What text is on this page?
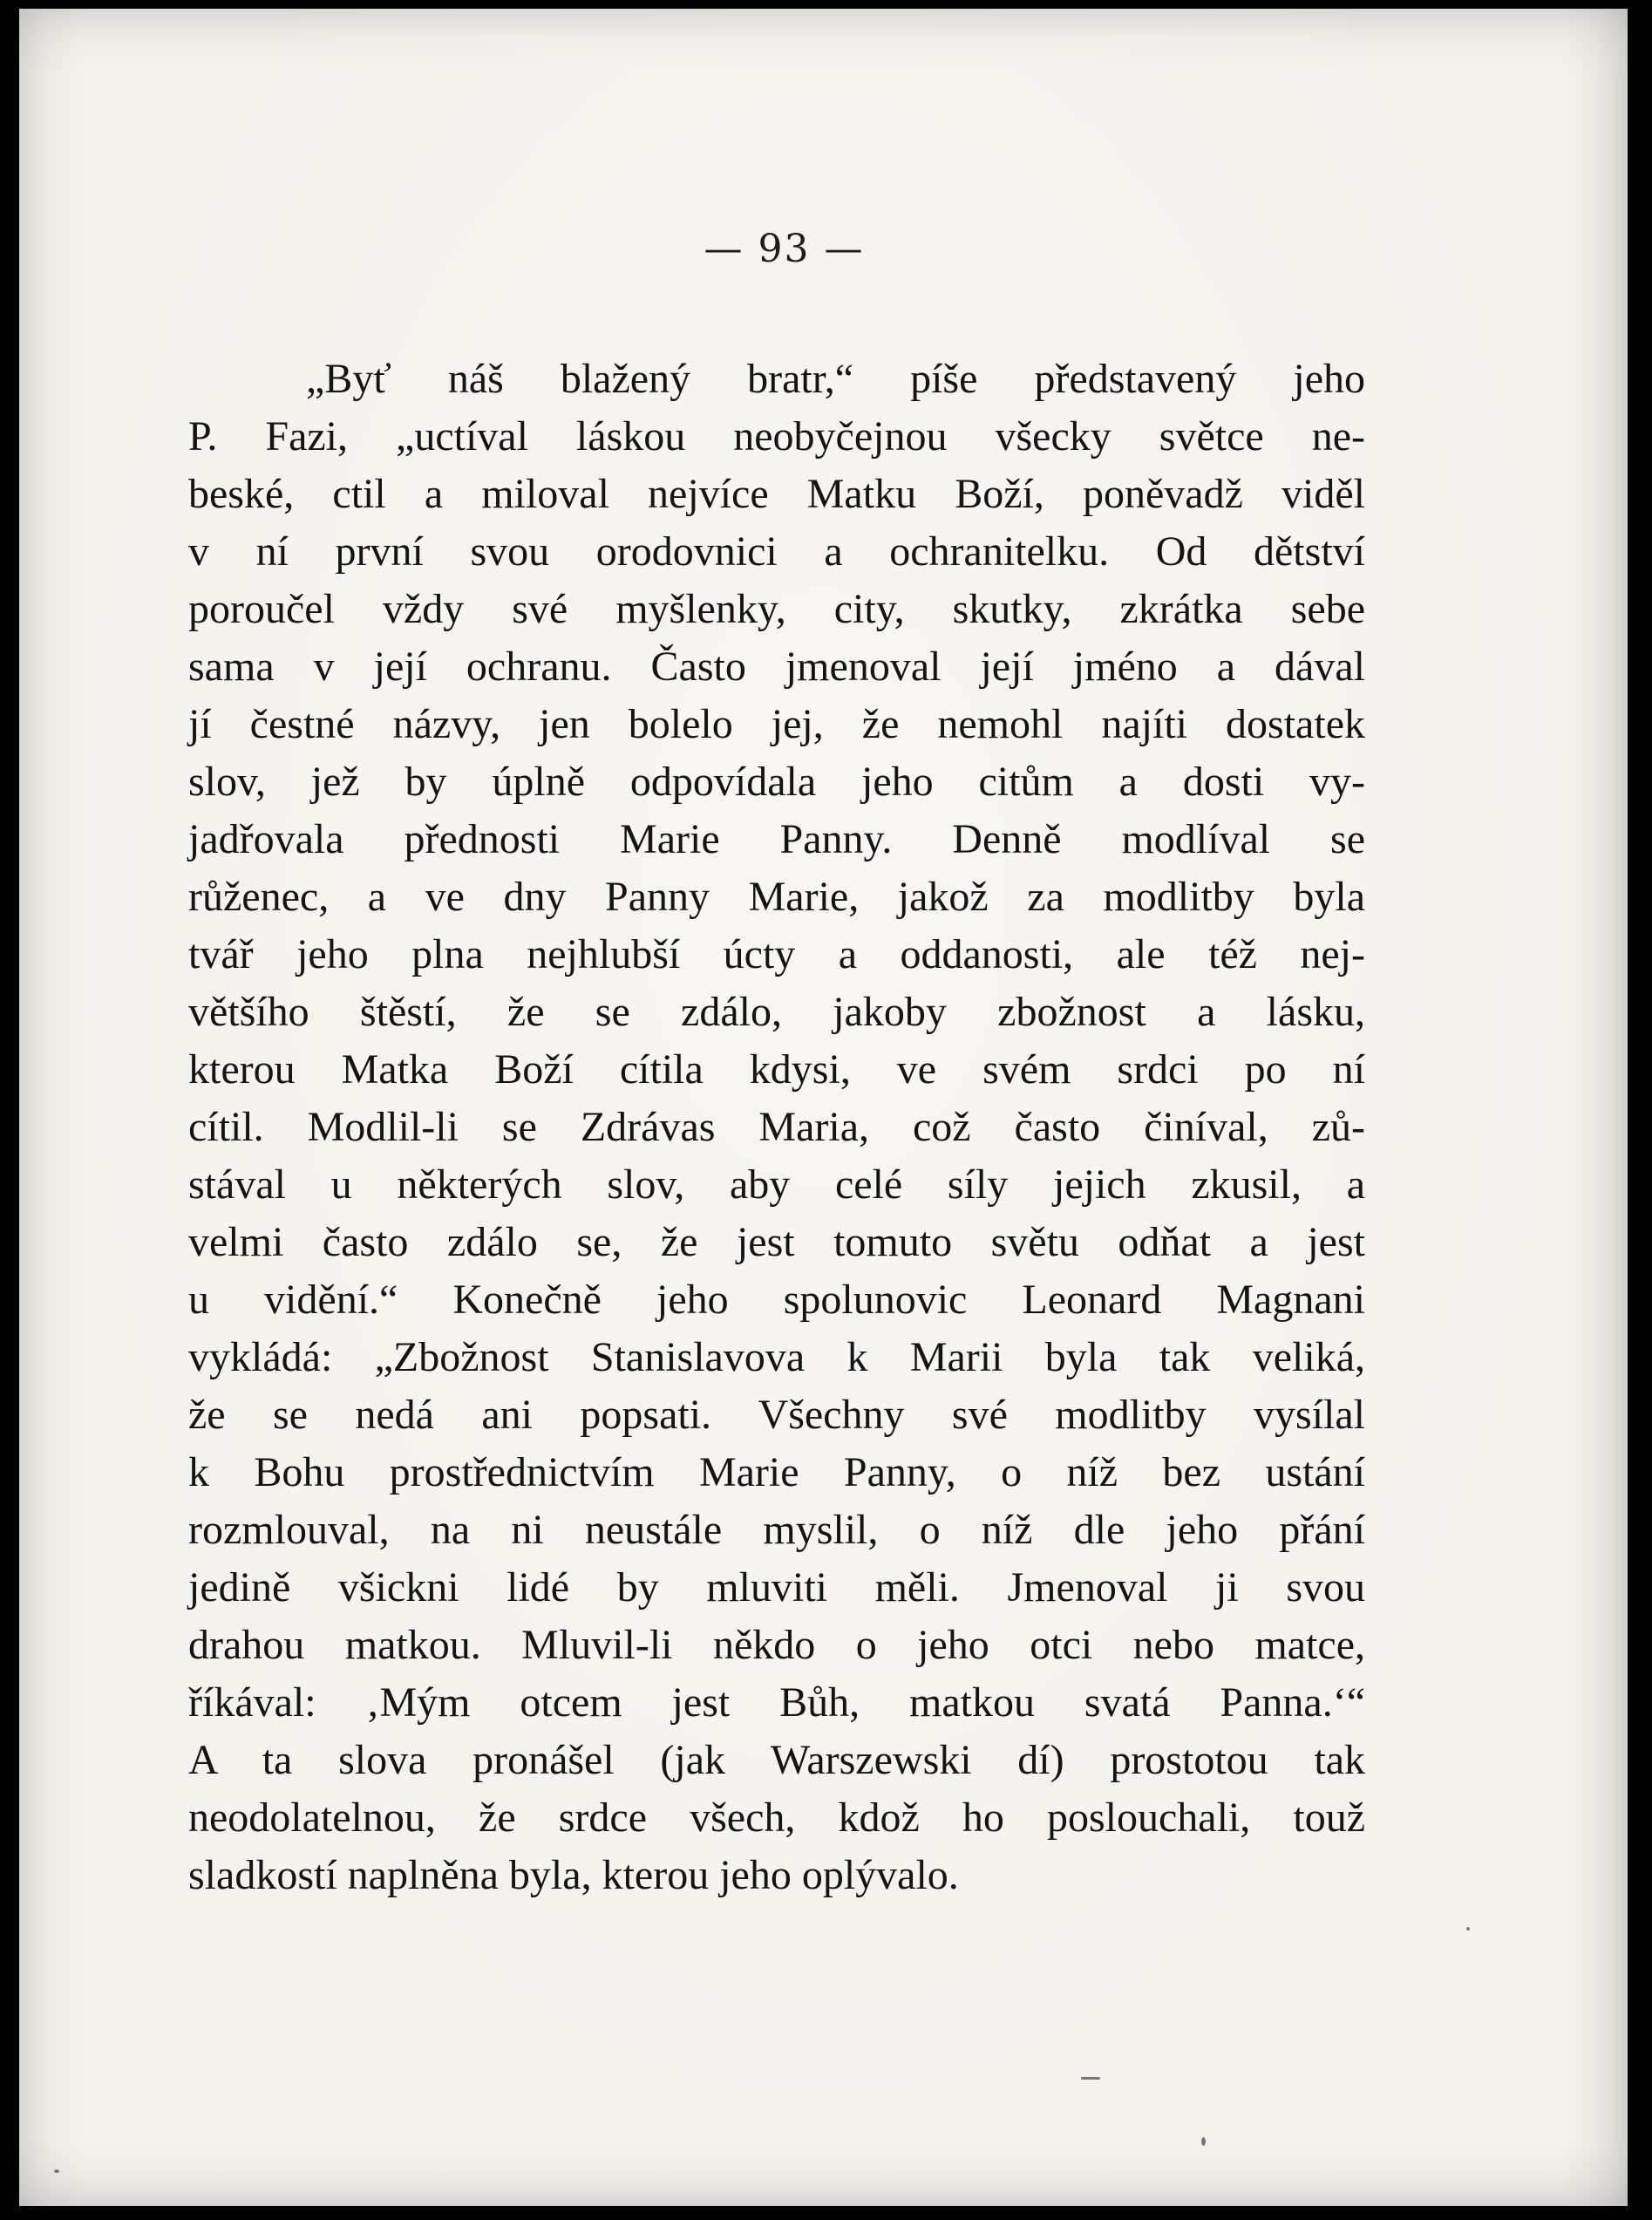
— 93 —
„Byť náš blažený bratr,“ píše představený jeho
P. Fazi, „uctíval láskou neobyčejnou všecky světce ne-
beské, ctil a miloval nejvíce Matku Boží, poněvadž viděl
v ní první svou orodovnici a ochranitelku. Od dětství
poroučel vždy své myšlenky, city, skutky, zkrátka sebe
sama v její ochranu. Často jmenoval její jméno a dával
jí čestné názvy, jen bolelo jej, že nemohl najíti dostatek
slov, jež by úplně odpovídala jeho citům a dosti vy-
jadřovala přednosti Marie Panny. Denně modlíval se
růženec, a ve dny Panny Marie, jakož za modlitby byla
tvář jeho plna nejhlubší úcty a oddanosti, ale též nej-
většího štěstí, že se zdálo, jakoby zbožnost a lásku,
kterou Matka Boží cítila kdysi, ve svém srdci po ní
cítil. Modlil-li se Zdrávas Maria, což často činíval, zů-
stával u některých slov, aby celé síly jejich zkusil, a
velmi často zdálo se, že jest tomuto světu odňat a jest
u vidění.“ Konečně jeho spolunovic Leonard Magnani
vykládá: „Zbožnost Stanislavova k Marii byla tak veliká,
že se nedá ani popsati. Všechny své modlitby vysílal
k Bohu prostřednictvím Marie Panny, o níž bez ustání
rozmlouval, na ni neustále myslil, o níž dle jeho přání
jedině všickni lidé by mluviti měli. Jmenoval ji svou
drahou matkou. Mluvil-li někdo o jeho otci nebo matce,
říkával: ‚Mým otcem jest Bůh, matkou svatá Panna.‘“
A ta slova pronášel (jak Warszewski dí) prostotou tak
neodolatelnou, že srdce všech, kdož ho poslouchali, touž
sladkostí naplněna byla, kterou jeho oplývalo.
